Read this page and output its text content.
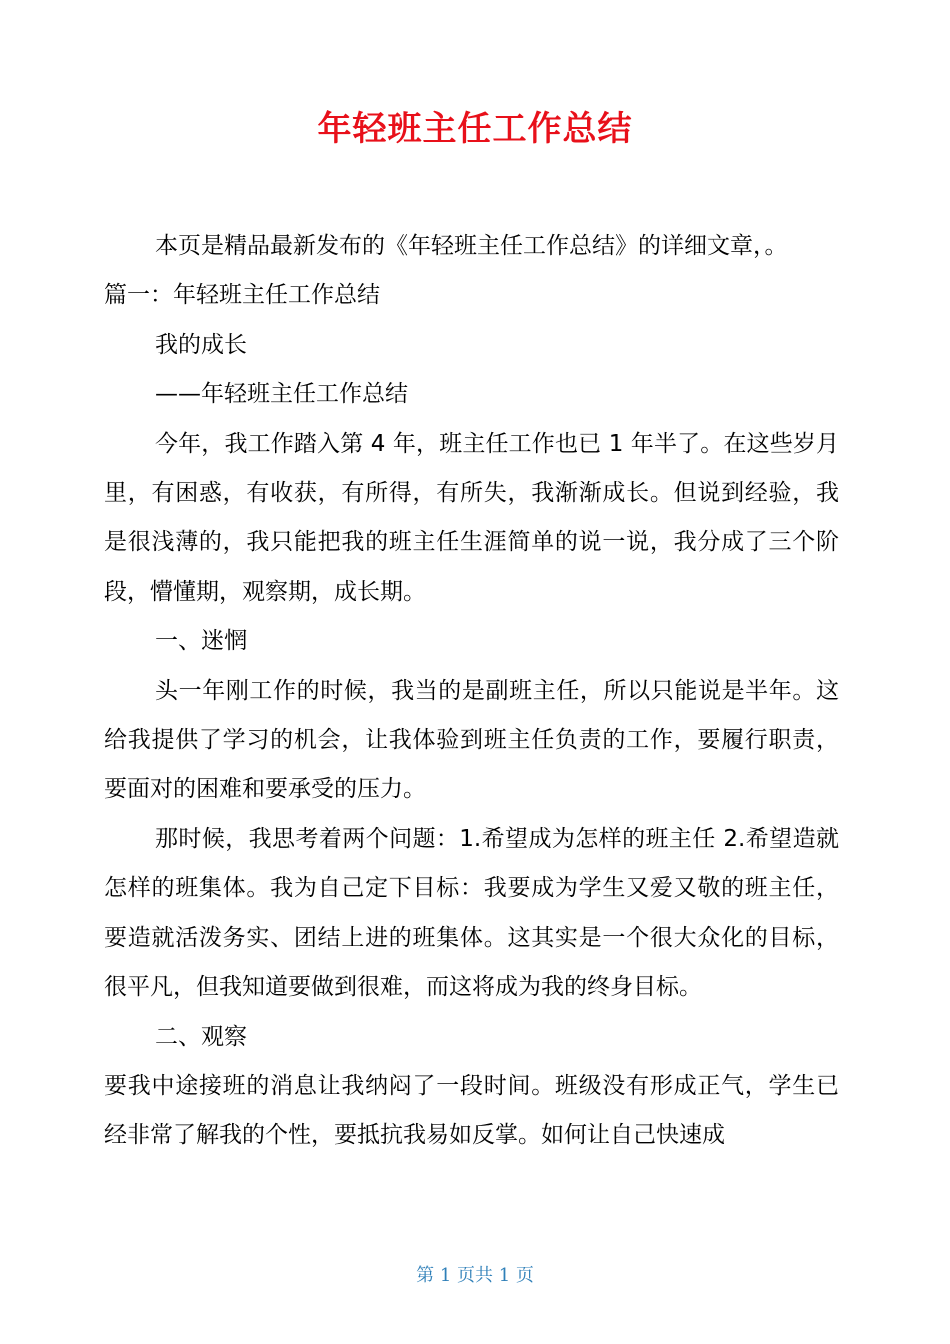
年轻班主任工作总结

本页是精品最新发布的《年轻班主任工作总结》的详细文章，。

篇一：年轻班主任工作总结

我的成长

——年轻班主任工作总结

今年，我工作踏入第 4 年，班主任工作也已 1 年半了。在这些岁月里，有困惑，有收获，有所得，有所失，我渐渐成长。但说到经验，我是很浅薄的，我只能把我的班主任生涯简单的说一说，我分成了三个阶段，懵懂期，观察期，成长期。

一、迷惘

头一年刚工作的时候，我当的是副班主任，所以只能说是半年。这给我提供了学习的机会，让我体验到班主任负责的工作，要履行职责，要面对的困难和要承受的压力。

那时候，我思考着两个问题：1.希望成为怎样的班主任 2.希望造就怎样的班集体。我为自己定下目标：我要成为学生又爱又敬的班主任，要造就活泼务实、团结上进的班集体。这其实是一个很大众化的目标，很平凡，但我知道要做到很难，而这将成为我的终身目标。

二、观察

要我中途接班的消息让我纳闷了一段时间。班级没有形成正气，学生已经非常了解我的个性，要抵抗我易如反掌。如何让自己快速成

第 1 页共 1 页
